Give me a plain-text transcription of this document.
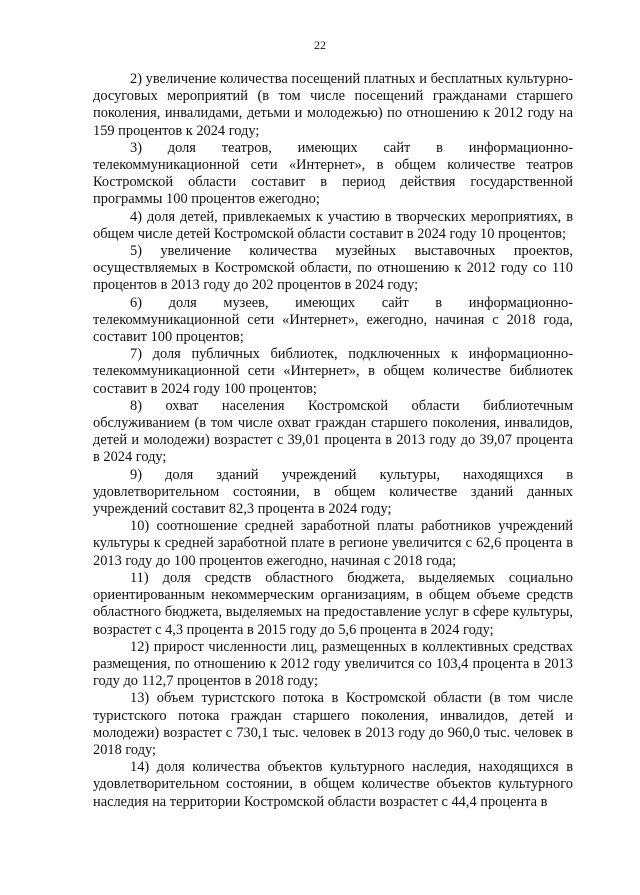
22

2) увеличение количества посещений платных и бесплатных культурно-досуговых мероприятий (в том числе посещений гражданами старшего поколения, инвалидами, детьми и молодежью) по отношению к 2012 году на 159 процентов к 2024 году;

3) доля театров, имеющих сайт в информационно-телекоммуникационной сети «Интернет», в общем количестве театров Костромской области составит в период действия государственной программы 100 процентов ежегодно;

4) доля детей, привлекаемых к участию в творческих мероприятиях, в общем числе детей Костромской области составит в 2024 году 10 процентов;

5) увеличение количества музейных выставочных проектов, осуществляемых в Костромской области, по отношению к 2012 году со 110 процентов в 2013 году до 202 процентов в 2024 году;

6) доля музеев, имеющих сайт в информационно-телекоммуникационной сети «Интернет», ежегодно, начиная с 2018 года, составит 100 процентов;

7) доля публичных библиотек, подключенных к информационно-телекоммуникационной сети «Интернет», в общем количестве библиотек составит в 2024 году 100 процентов;

8) охват населения Костромской области библиотечным обслуживанием (в том числе охват граждан старшего поколения, инвалидов, детей и молодежи) возрастет с 39,01 процента в 2013 году до 39,07 процента в 2024 году;

9) доля зданий учреждений культуры, находящихся в удовлетворительном состоянии, в общем количестве зданий данных учреждений составит 82,3 процента в 2024 году;

10) соотношение средней заработной платы работников учреждений культуры к средней заработной плате в регионе увеличится с 62,6 процента в 2013 году до 100 процентов ежегодно, начиная с 2018 года;

11) доля средств областного бюджета, выделяемых социально ориентированным некоммерческим организациям, в общем объеме средств областного бюджета, выделяемых на предоставление услуг в сфере культуры, возрастет с 4,3 процента в 2015 году до 5,6 процента в 2024 году;

12) прирост численности лиц, размещенных в коллективных средствах размещения, по отношению к 2012 году увеличится со 103,4 процента в 2013 году до 112,7 процентов в 2018 году;

13) объем туристского потока в Костромской области (в том числе туристского потока граждан старшего поколения, инвалидов, детей и молодежи) возрастет с 730,1 тыс. человек в 2013 году до 960,0 тыс. человек в 2018 году;

14) доля количества объектов культурного наследия, находящихся в удовлетворительном состоянии, в общем количестве объектов культурного наследия на территории Костромской области возрастет с 44,4 процента в
